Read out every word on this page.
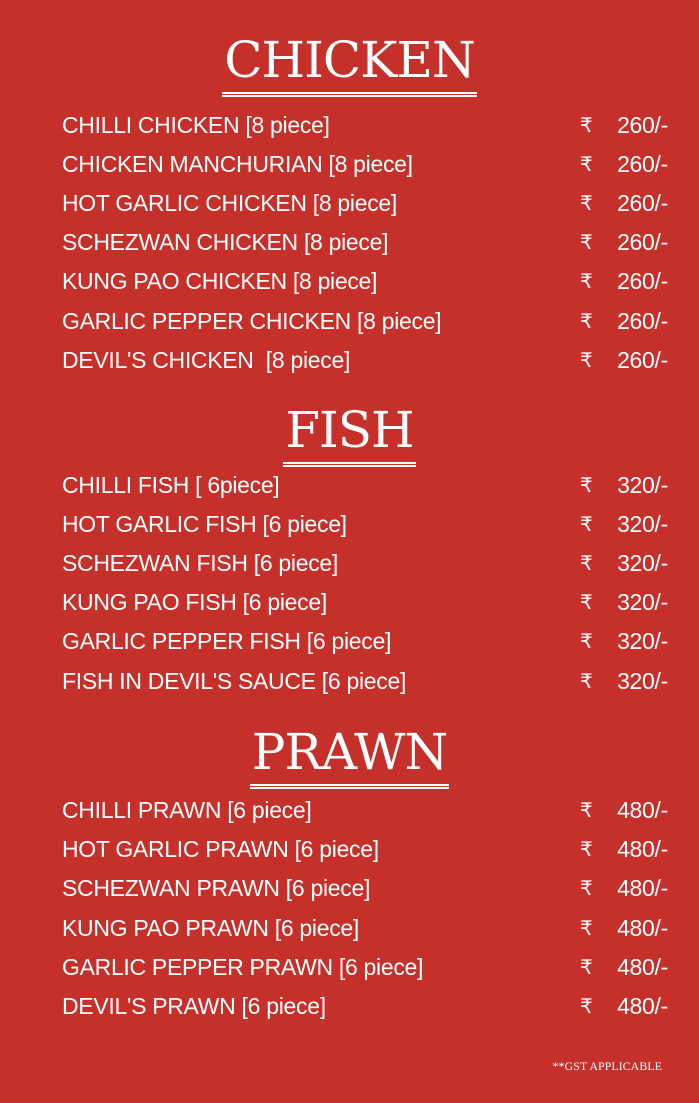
CHICKEN
CHILLI CHICKEN [8 piece]	₹ 260/-
CHICKEN MANCHURIAN [8 piece]	₹ 260/-
HOT GARLIC CHICKEN [8 piece]	₹ 260/-
SCHEZWAN CHICKEN [8 piece]	₹ 260/-
KUNG PAO CHICKEN [8 piece]	₹ 260/-
GARLIC PEPPER CHICKEN [8 piece]	₹ 260/-
DEVIL'S CHICKEN  [8 piece]	₹ 260/-
FISH
CHILLI FISH [ 6piece]	₹ 320/-
HOT GARLIC FISH [6 piece]	₹ 320/-
SCHEZWAN FISH [6 piece]	₹ 320/-
KUNG PAO FISH [6 piece]	₹ 320/-
GARLIC PEPPER FISH [6 piece]	₹ 320/-
FISH IN DEVIL'S SAUCE [6 piece]	₹ 320/-
PRAWN
CHILLI PRAWN [6 piece]	₹ 480/-
HOT GARLIC PRAWN [6 piece]	₹ 480/-
SCHEZWAN PRAWN [6 piece]	₹ 480/-
KUNG PAO PRAWN [6 piece]	₹ 480/-
GARLIC PEPPER PRAWN [6 piece]	₹ 480/-
DEVIL'S PRAWN [6 piece]	₹ 480/-
**GST APPLICABLE
